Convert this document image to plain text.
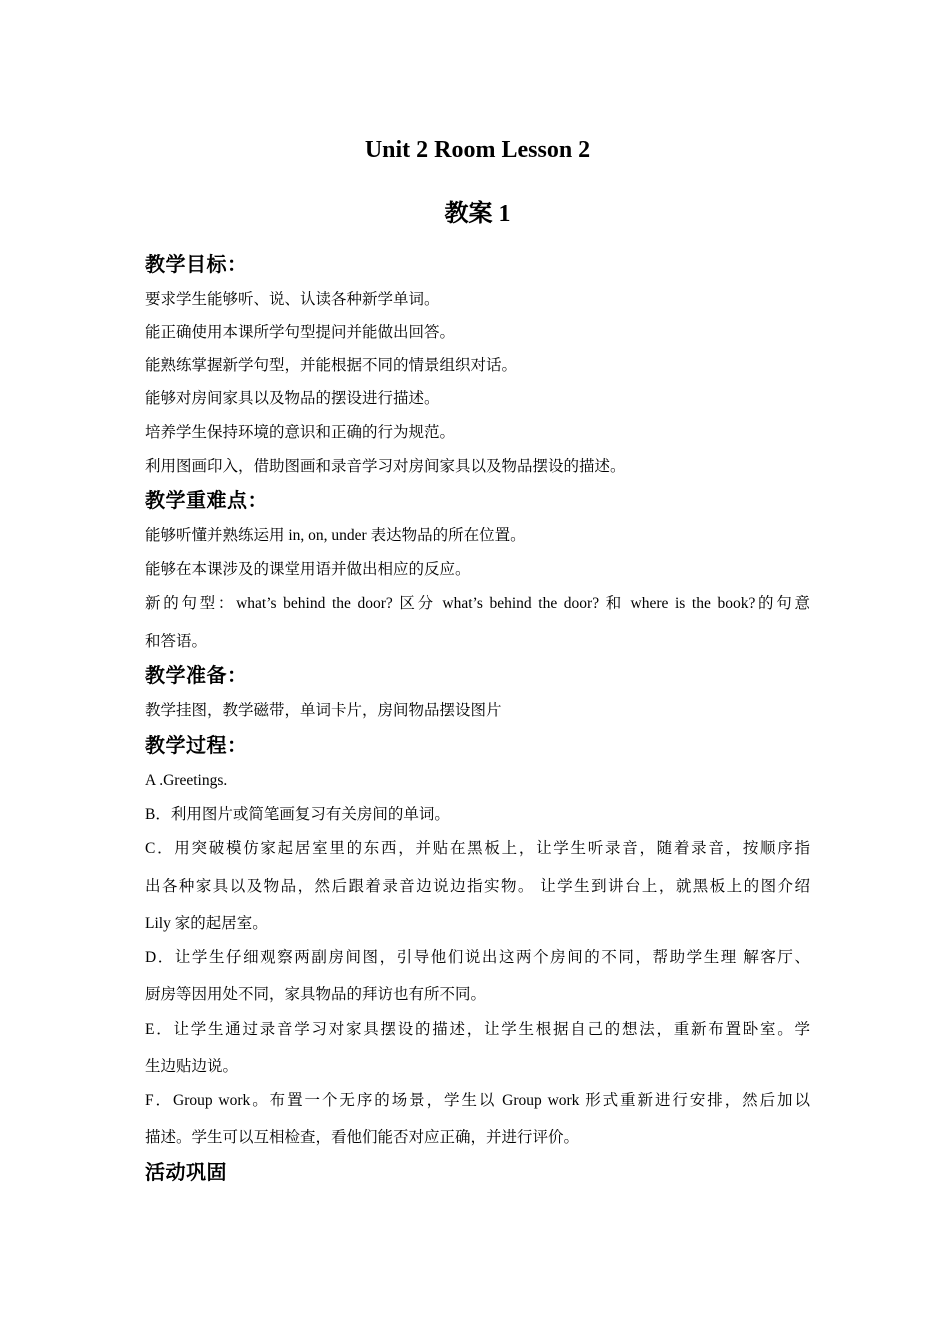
Unit 2 Room Lesson 2
教案 1
教学目标：

要求学生能够听、说、认读各种新学单词。

能正确使用本课所学句型提问并能做出回答。

能熟练掌握新学句型，并能根据不同的情景组织对话。

能够对房间家具以及物品的摆设进行描述。

培养学生保持环境的意识和正确的行为规范。

利用图画印入，借助图画和录音学习对房间家具以及物品摆设的描述。

教学重难点：

能够听懂并熟练运用 in, on, under 表达物品的所在位置。

能够在本课涉及的课堂用语并做出相应的反应。

新的句型：what’s behind the door? 区分 what’s behind the door? 和 where is the book?的句意

和答语。

教学准备：

教学挂图，教学磁带，单词卡片，房间物品摆设图片

教学过程：

A .Greetings.

B．利用图片或简笔画复习有关房间的单词。

C．用突破模仿家起居室里的东西，并贴在黑板上，让学生听录音，随着录音，按顺序指

出各种家具以及物品，然后跟着录音边说边指实物。 让学生到讲台上，就黑板上的图介绍

Lily 家的起居室。

D．让学生仔细观察两副房间图，引导他们说出这两个房间的不同，帮助学生理 解客厅、

厨房等因用处不同，家具物品的拜访也有所不同。

E．让学生通过录音学习对家具摆设的描述，让学生根据自己的想法，重新布置卧室。学

生边贴边说。

F．Group work。布置一个无序的场景，学生以 Group work 形式重新进行安排，然后加以

描述。学生可以互相检查，看他们能否对应正确，并进行评价。

活动巩固
